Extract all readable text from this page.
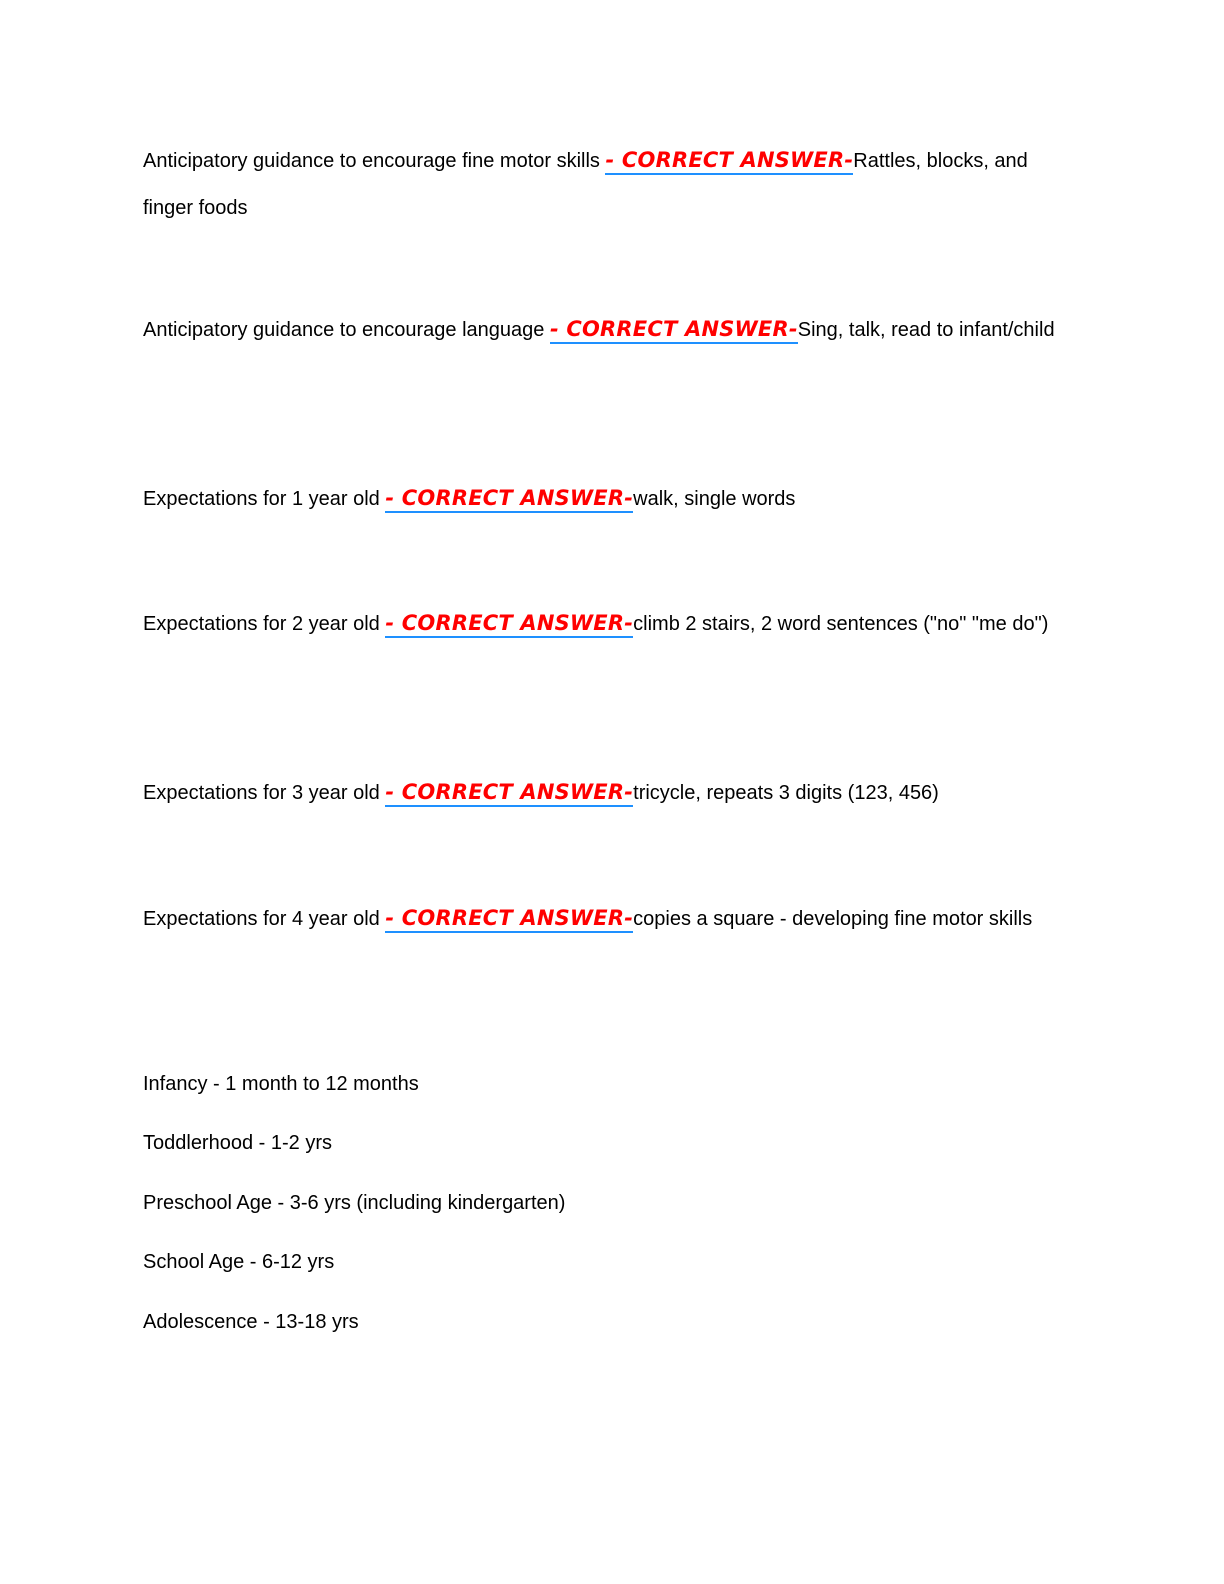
Anticipatory guidance to encourage fine motor skills - CORRECT ANSWER-Rattles, blocks, and finger foods
Anticipatory guidance to encourage language - CORRECT ANSWER-Sing, talk, read to infant/child
Expectations for 1 year old - CORRECT ANSWER-walk, single words
Expectations for 2 year old - CORRECT ANSWER-climb 2 stairs, 2 word sentences ("no" "me do")
Expectations for 3 year old - CORRECT ANSWER-tricycle, repeats 3 digits (123, 456)
Expectations for 4 year old - CORRECT ANSWER-copies a square - developing fine motor skills
Infancy - 1 month to 12 months
Toddlerhood - 1-2 yrs
Preschool Age - 3-6 yrs (including kindergarten)
School Age - 6-12 yrs
Adolescence - 13-18 yrs
